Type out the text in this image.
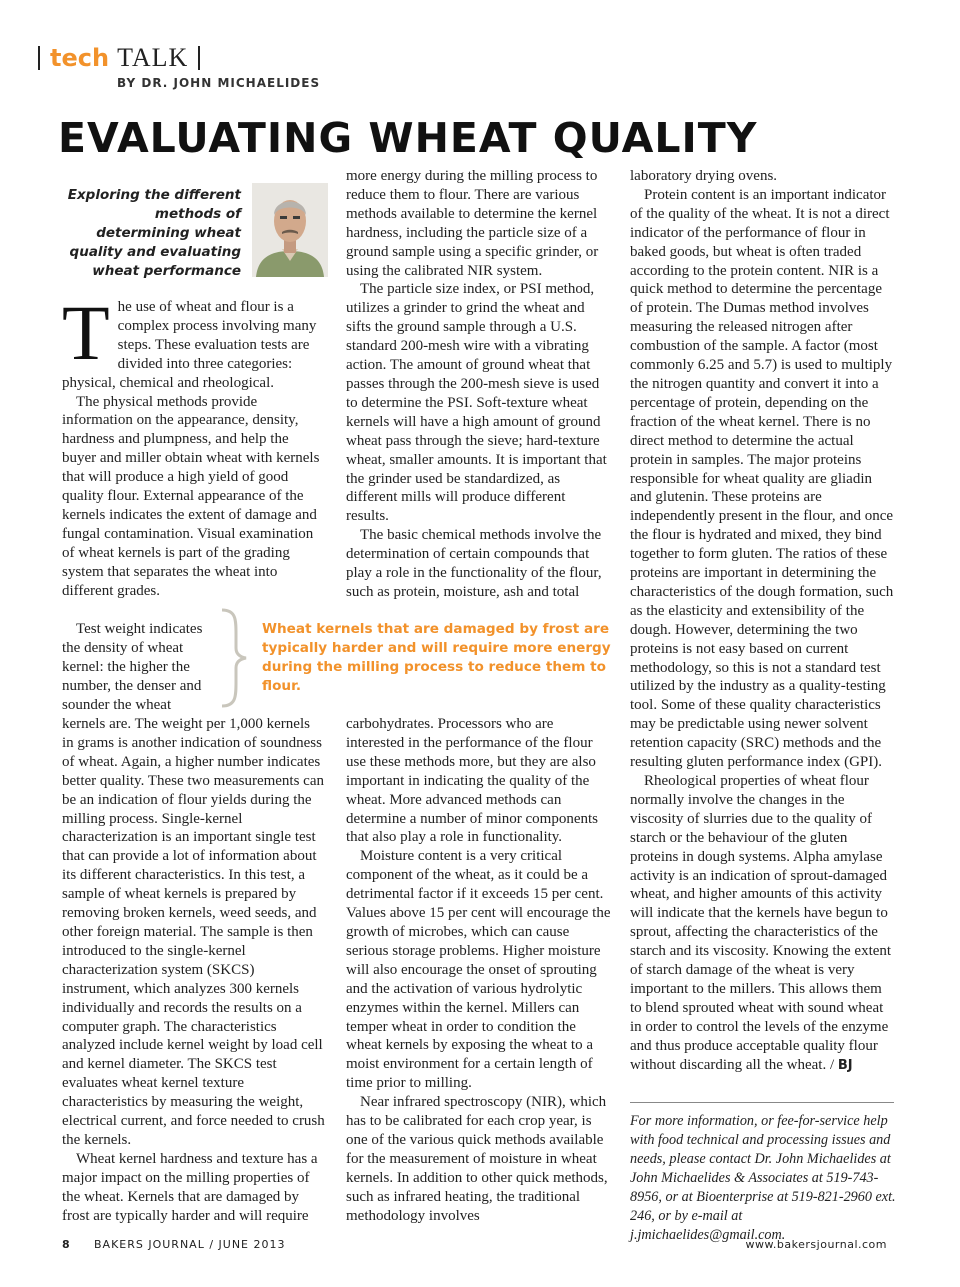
tech TALK
BY DR. JOHN MICHAELIDES
EVALUATING WHEAT QUALITY
Exploring the different methods of determining wheat quality and evaluating wheat performance

The use of wheat and flour is a complex process involving many steps. These evaluation tests are divided into three categories: physical, chemical and rheological.

The physical methods provide information on the appearance, density, hardness and plumpness, and help the buyer and miller obtain wheat with kernels that will produce a high yield of good quality flour. External appearance of the kernels indicates the extent of damage and fungal contamination. Visual examination of wheat kernels is part of the grading system that separates the wheat into different grades.

Test weight indicates the density of wheat kernel: the higher the number, the denser and sounder the wheat

Wheat kernels that are damaged by frost are typically harder and will require more energy during the milling process to reduce them to flour.

kernels are. The weight per 1,000 kernels in grams is another indication of soundness of wheat. Again, a higher number indicates better quality. These two measurements can be an indication of flour yields during the milling process. Single-kernel characterization is an important single test that can provide a lot of information about its different characteristics. In this test, a sample of wheat kernels is prepared by removing broken kernels, weed seeds, and other foreign material. The sample is then introduced to the single-kernel characterization system (SKCS) instrument, which analyzes 300 kernels individually and records the results on a computer graph. The characteristics analyzed include kernel weight by load cell and kernel diameter. The SKCS test evaluates wheat kernel texture characteristics by measuring the weight, electrical current, and force needed to crush the kernels.

Wheat kernel hardness and texture has a major impact on the milling properties of the wheat. Kernels that are damaged by frost are typically harder and will require

more energy during the milling process to reduce them to flour. There are various methods available to determine the kernel hardness, including the particle size of a ground sample using a specific grinder, or using the calibrated NIR system.

The particle size index, or PSI method, utilizes a grinder to grind the wheat and sifts the ground sample through a U.S. standard 200-mesh wire with a vibrating action. The amount of ground wheat that passes through the 200-mesh sieve is used to determine the PSI. Soft-texture wheat kernels will have a high amount of ground wheat pass through the sieve; hard-texture wheat, smaller amounts. It is important that the grinder used be standardized, as different mills will produce different results.

The basic chemical methods involve the determination of certain compounds that play a role in the functionality of the flour, such as protein, moisture, ash and total

carbohydrates. Processors who are interested in the performance of the flour use these methods more, but they are also important in indicating the quality of the wheat. More advanced methods can determine a number of minor components that also play a role in functionality.

Moisture content is a very critical component of the wheat, as it could be a detrimental factor if it exceeds 15 per cent. Values above 15 per cent will encourage the growth of microbes, which can cause serious storage problems. Higher moisture will also encourage the onset of sprouting and the activation of various hydrolytic enzymes within the kernel. Millers can temper wheat in order to condition the wheat kernels by exposing the wheat to a moist environment for a certain length of time prior to milling.

Near infrared spectroscopy (NIR), which has to be calibrated for each crop year, is one of the various quick methods available for the measurement of moisture in wheat kernels. In addition to other quick methods, such as infrared heating, the traditional methodology involves

laboratory drying ovens.

Protein content is an important indicator of the quality of the wheat. It is not a direct indicator of the performance of flour in baked goods, but wheat is often traded according to the protein content. NIR is a quick method to determine the percentage of protein. The Dumas method involves measuring the released nitrogen after combustion of the sample. A factor (most commonly 6.25 and 5.7) is used to multiply the nitrogen quantity and convert it into a percentage of protein, depending on the fraction of the wheat kernel. There is no direct method to determine the actual protein in samples. The major proteins responsible for wheat quality are gliadin and glutenin. These proteins are independently present in the flour, and once the flour is hydrated and mixed, they bind together to form gluten. The ratios of these proteins are important in determining the characteristics of the dough formation, such as the elasticity and extensibility of the dough. However, determining the two proteins is not easy based on current methodology, so this is not a standard test utilized by the industry as a quality-testing tool. Some of these quality characteristics may be predictable using newer solvent retention capacity (SRC) methods and the resulting gluten performance index (GPI).

Rheological properties of wheat flour normally involve the changes in the viscosity of slurries due to the quality of starch or the behaviour of the gluten proteins in dough systems. Alpha amylase activity is an indication of sprout-damaged wheat, and higher amounts of this activity will indicate that the kernels have begun to sprout, affecting the characteristics of the starch and its viscosity. Knowing the extent of starch damage of the wheat is very important to the millers. This allows them to blend sprouted wheat with sound wheat in order to control the levels of the enzyme and thus produce acceptable quality flour without discarding all the wheat. / BJ

For more information, or fee-for-service help with food technical and processing issues and needs, please contact Dr. John Michaelides at John Michaelides & Associates at 519-743-8956, or at Bioenterprise at 519-821-2960 ext. 246, or by e-mail at j.jmichaelides@gmail.com.

8 BAKERS JOURNAL / JUNE 2013	www.bakersjournal.com
